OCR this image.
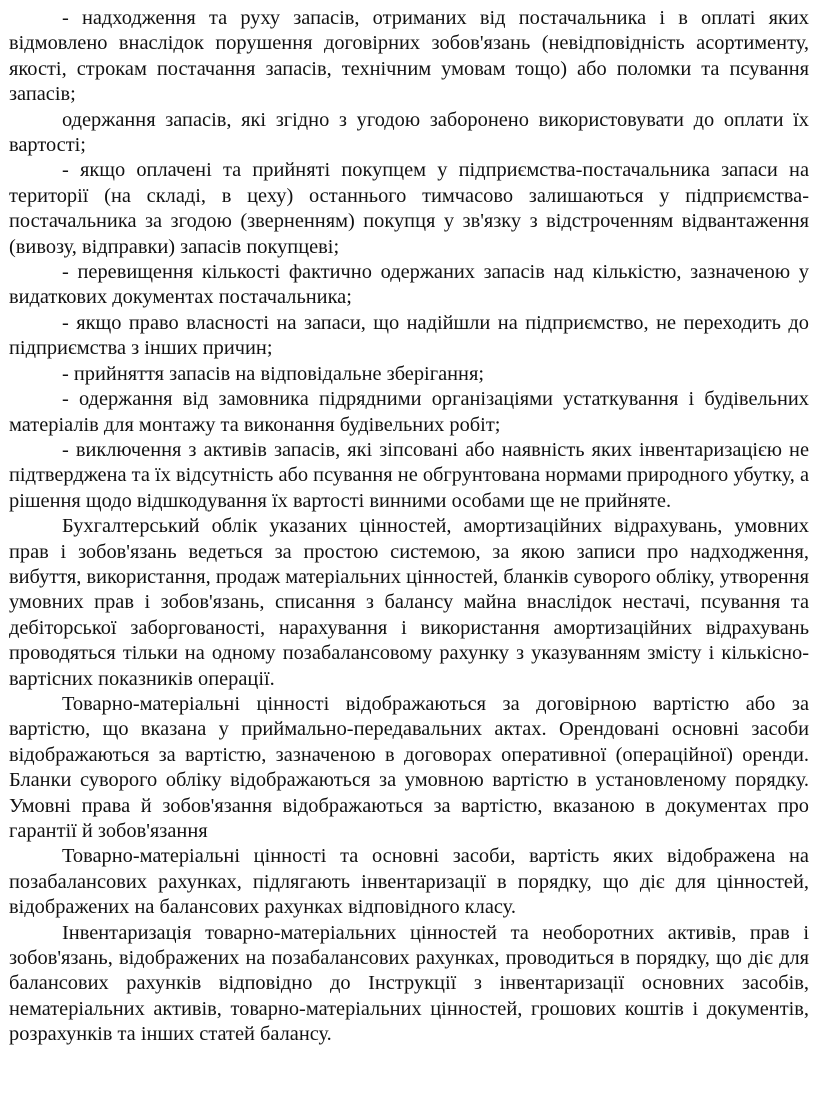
- надходження та руху запасів, отриманих від постачальника і в оплаті яких відмовлено внаслідок порушення договірних зобов'язань (невідповідність асортименту, якості, строкам постачання запасів, технічним умовам тощо) або поломки та псування запасів;

одержання запасів, які згідно з угодою заборонено використовувати до оплати їх вартості;

- якщо оплачені та прийняті покупцем у підприємства-постачальника запаси на території (на складі, в цеху) останнього тимчасово залишаються у підприємства-постачальника за згодою (зверненням) покупця у зв'язку з відстроченням відвантаження (вивозу, відправки) запасів покупцеві;

- перевищення кількості фактично одержаних запасів над кількістю, зазначеною у видаткових документах постачальника;

- якщо право власності на запаси, що надійшли на підприємство, не переходить до підприємства з інших причин;

- прийняття запасів на відповідальне зберігання;

- одержання від замовника підрядними організаціями устаткування і будівельних матеріалів для монтажу та виконання будівельних робіт;

- виключення з активів запасів, які зіпсовані або наявність яких інвентаризацією не підтверджена та їх відсутність або псування не обгрунтована нормами природного убутку, а рішення щодо відшкодування їх вартості винними особами ще не прийняте.

Бухгалтерський облік указаних цінностей, амортизаційних відрахувань, умовних прав і зобов'язань ведеться за простою системою, за якою записи про надходження, вибуття, використання, продаж матеріальних цінностей, бланків суворого обліку, утворення умовних прав і зобов'язань, списання з балансу майна внаслідок нестачі, псування та дебіторської заборгованості, нарахування і використання амортизаційних відрахувань проводяться тільки на одному позабалансовому рахунку з указуванням змісту і кількісно-вартісних показників операції.

Товарно-матеріальні цінності відображаються за договірною вартістю або за вартістю, що вказана у приймально-передавальних актах. Орендовані основні засоби відображаються за вартістю, зазначеною в договорах оперативної (операційної) оренди. Бланки суворого обліку відображаються за умовною вартістю в установленому порядку. Умовні права й зобов'язання відображаються за вартістю, вказаною в документах про гарантії й зобов'язання

Товарно-матеріальні цінності та основні засоби, вартість яких відображена на позабалансових рахунках, підлягають інвентаризації в порядку, що діє для цінностей, відображених на балансових рахунках відповідного класу.

Інвентаризація товарно-матеріальних цінностей та необоротних активів, прав і зобов'язань, відображених на позабалансових рахунках, проводиться в порядку, що діє для балансових рахунків відповідно до Інструкції з інвентаризації основних засобів, нематеріальних активів, товарно-матеріальних цінностей, грошових коштів і документів, розрахунків та інших статей балансу.
